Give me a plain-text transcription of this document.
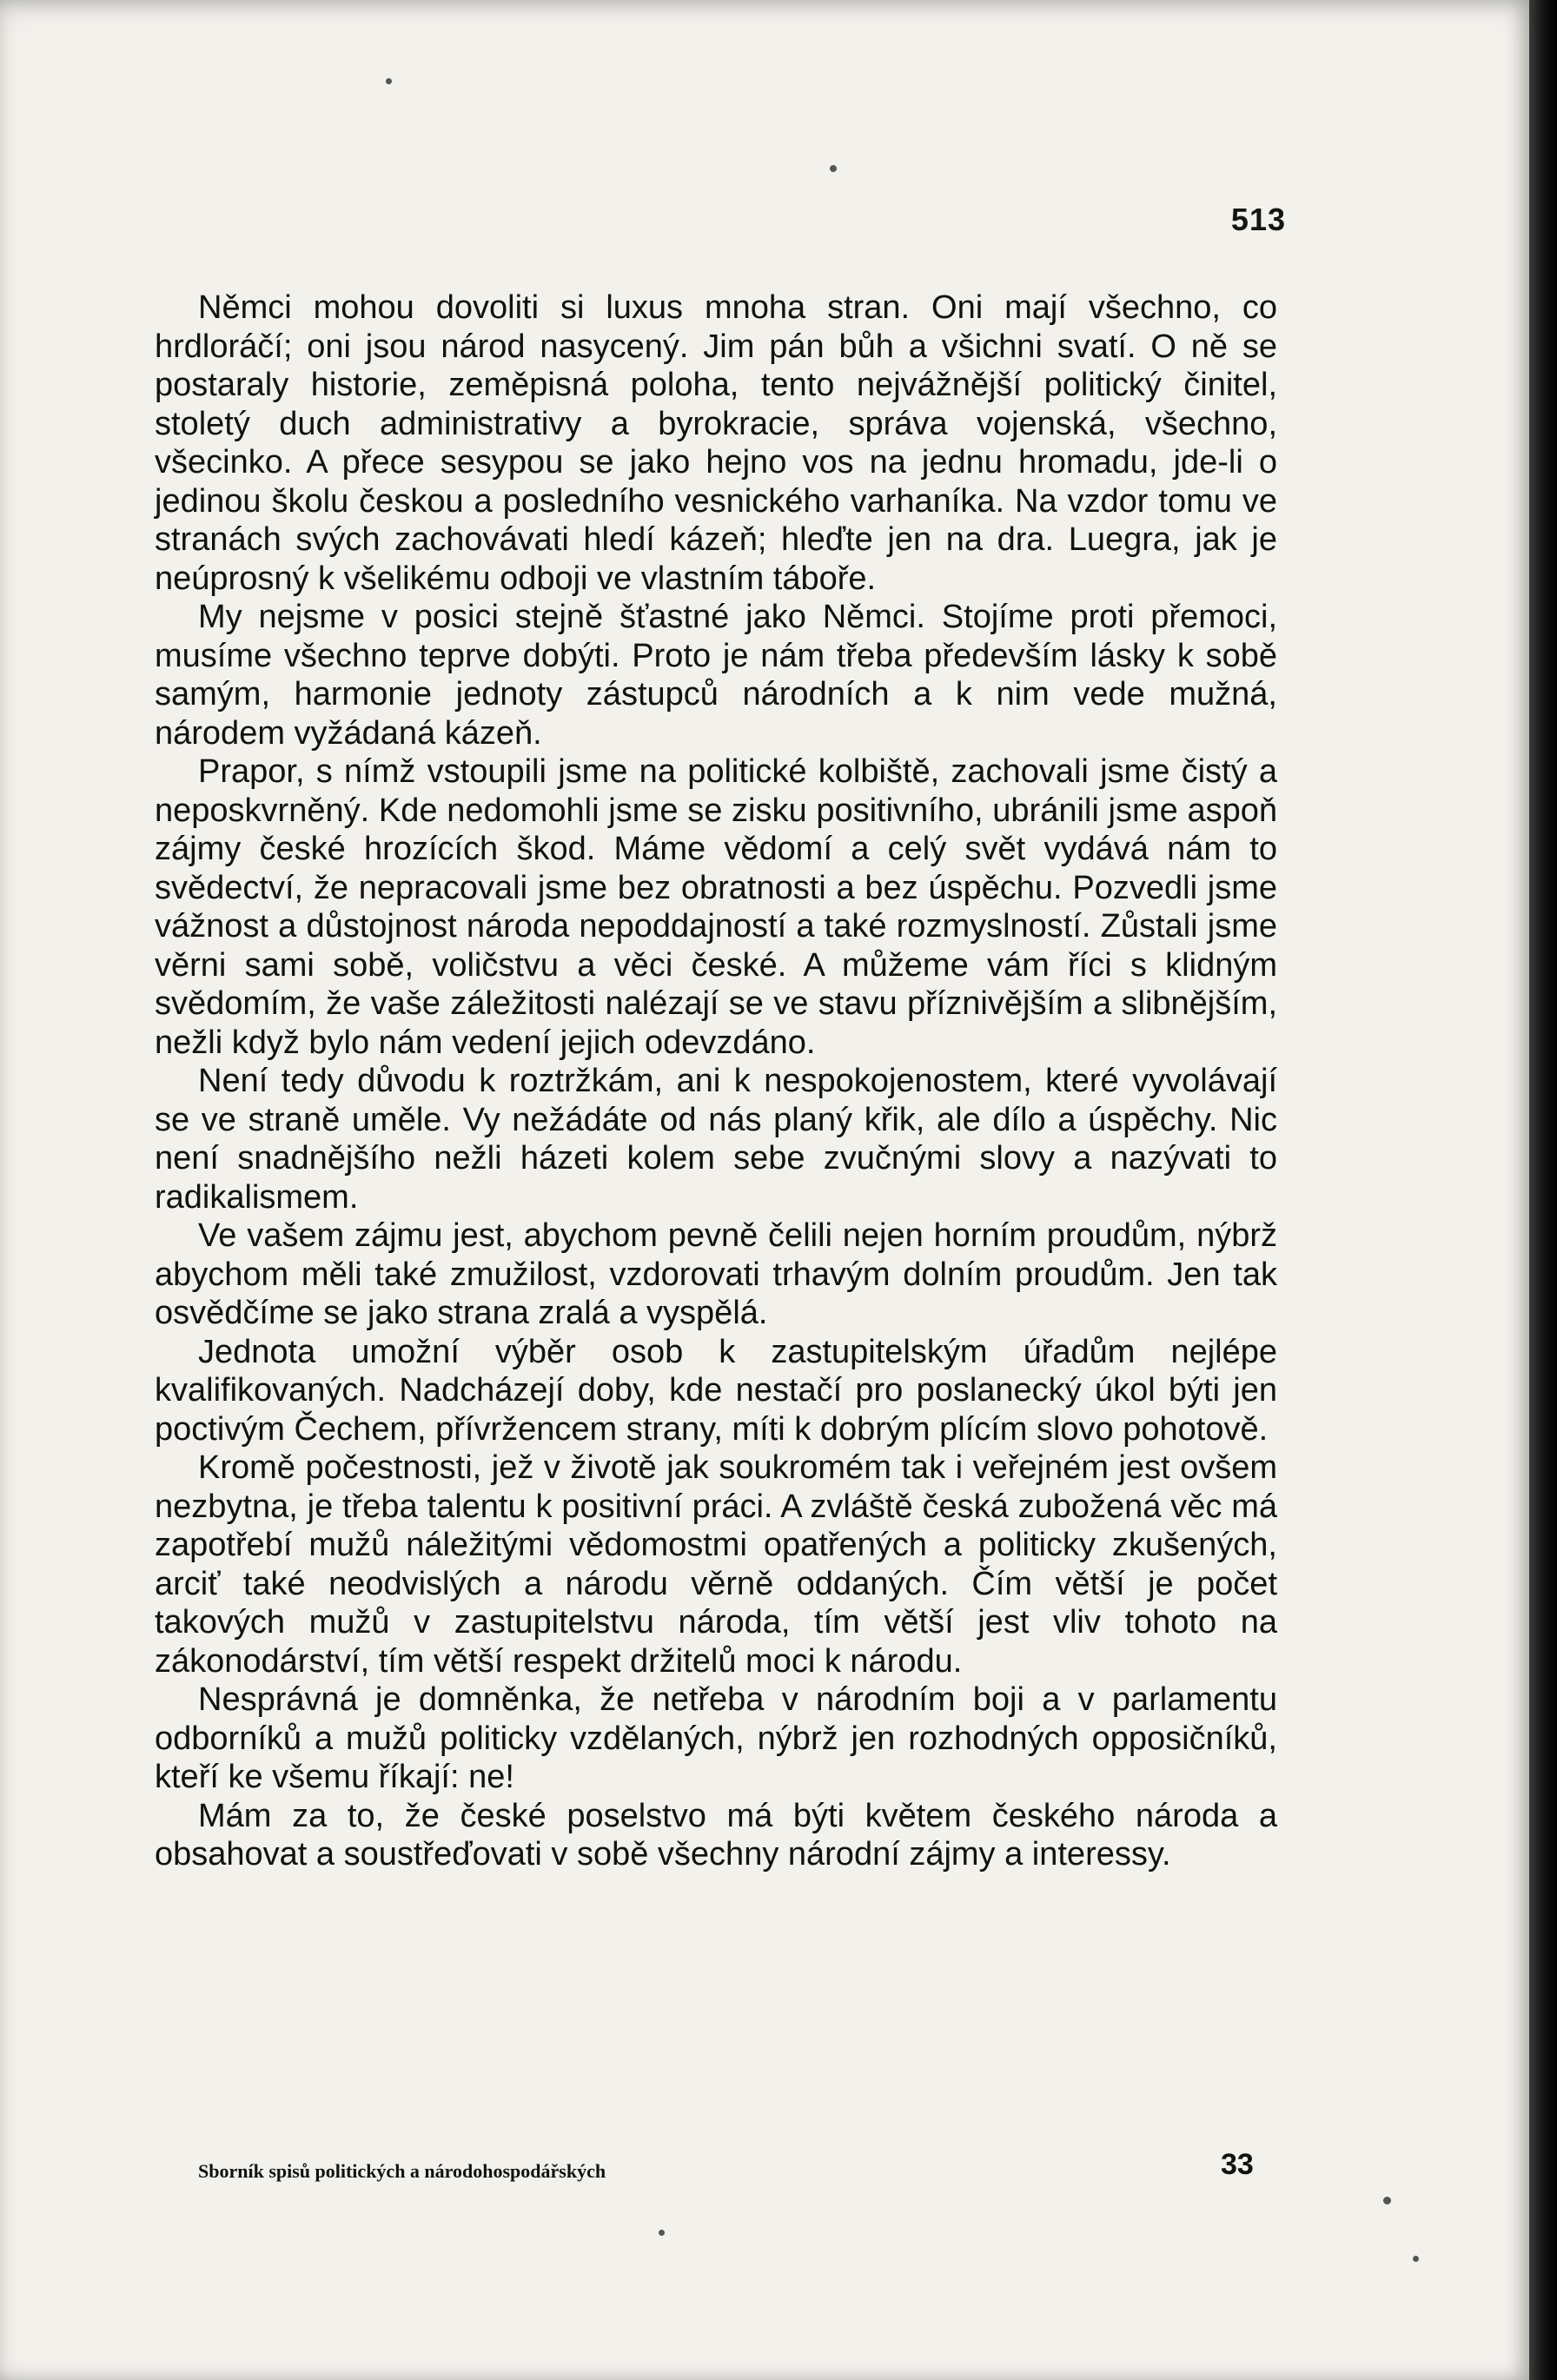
513

Němci mohou dovoliti si luxus mnoha stran. Oni mají všechno, co hrdloráčí; oni jsou národ nasycený. Jim pán bůh a všichni svatí. O ně se postaraly historie, zeměpisná poloha, tento nejvážnější politický činitel, stoletý duch administrativy a byrokracie, správa vojenská, všechno, všecinko. A přece sesypou se jako hejno vos na jednu hromadu, jde-li o jedinou školu českou a posledního vesnického varhaníka. Na vzdor tomu ve stranách svých zachovávati hledí kázeň; hleďte jen na dra. Luegra, jak je neúprosný k všelikému odboji ve vlastním táboře.

My nejsme v posici stejně šťastné jako Němci. Stojíme proti přemoci, musíme všechno teprve dobýti. Proto je nám třeba především lásky k sobě samým, harmonie jednoty zástupců národních a k nim vede mužná, národem vyžádaná kázeň.

Prapor, s nímž vstoupili jsme na politické kolbiště, zachovali jsme čistý a neposkvrněný. Kde nedomohli jsme se zisku positivního, ubránili jsme aspoň zájmy české hrozících škod. Máme vědomí a celý svět vydává nám to svědectví, že nepracovali jsme bez obratnosti a bez úspěchu. Pozvedli jsme vážnost a důstojnost národa nepoddajností a také rozmyslností. Zůstali jsme věrni sami sobě, voličstvu a věci české. A můžeme vám říci s klidným svědomím, že vaše záležitosti nalézají se ve stavu příznivějším a slibnějším, nežli když bylo nám vedení jejich odevzdáno.

Není tedy důvodu k roztržkám, ani k nespokojenostem, které vyvolávají se ve straně uměle. Vy nežádáte od nás planý křik, ale dílo a úspěchy. Nic není snadnějšího nežli házeti kolem sebe zvučnými slovy a nazývati to radikalismem.

Ve vašem zájmu jest, abychom pevně čelili nejen horním proudům, nýbrž abychom měli také zmužilost, vzdorovati trhavým dolním proudům. Jen tak osvědčíme se jako strana zralá a vyspělá.

Jednota umožní výběr osob k zastupitelským úřadům nejlépe kvalifikovaných. Nadcházejí doby, kde nestačí pro poslanecký úkol býti jen poctivým Čechem, přívržencem strany, míti k dobrým plícím slovo pohotově.

Kromě počestnosti, jež v životě jak soukromém tak i veřejném jest ovšem nezbytna, je třeba talentu k positivní práci. A zvláště česká zubožená věc má zapotřebí mužů náležitými vědomostmi opatřených a politicky zkušených, arciť také neodvislých a národu věrně oddaných. Čím větší je počet takových mužů v zastupitelstvu národa, tím větší jest vliv tohoto na zákonodárství, tím větší respekt držitelů moci k národu.

Nesprávná je domněnka, že netřeba v národním boji a v parlamentu odborníků a mužů politicky vzdělaných, nýbrž jen rozhodných opposičníků, kteří ke všemu říkají: ne!

Mám za to, že české poselstvo má býti květem českého národa a obsahovat a soustřeďovati v sobě všechny národní zájmy a interessy.

Sborník spisů politických a národohospodářských	33
